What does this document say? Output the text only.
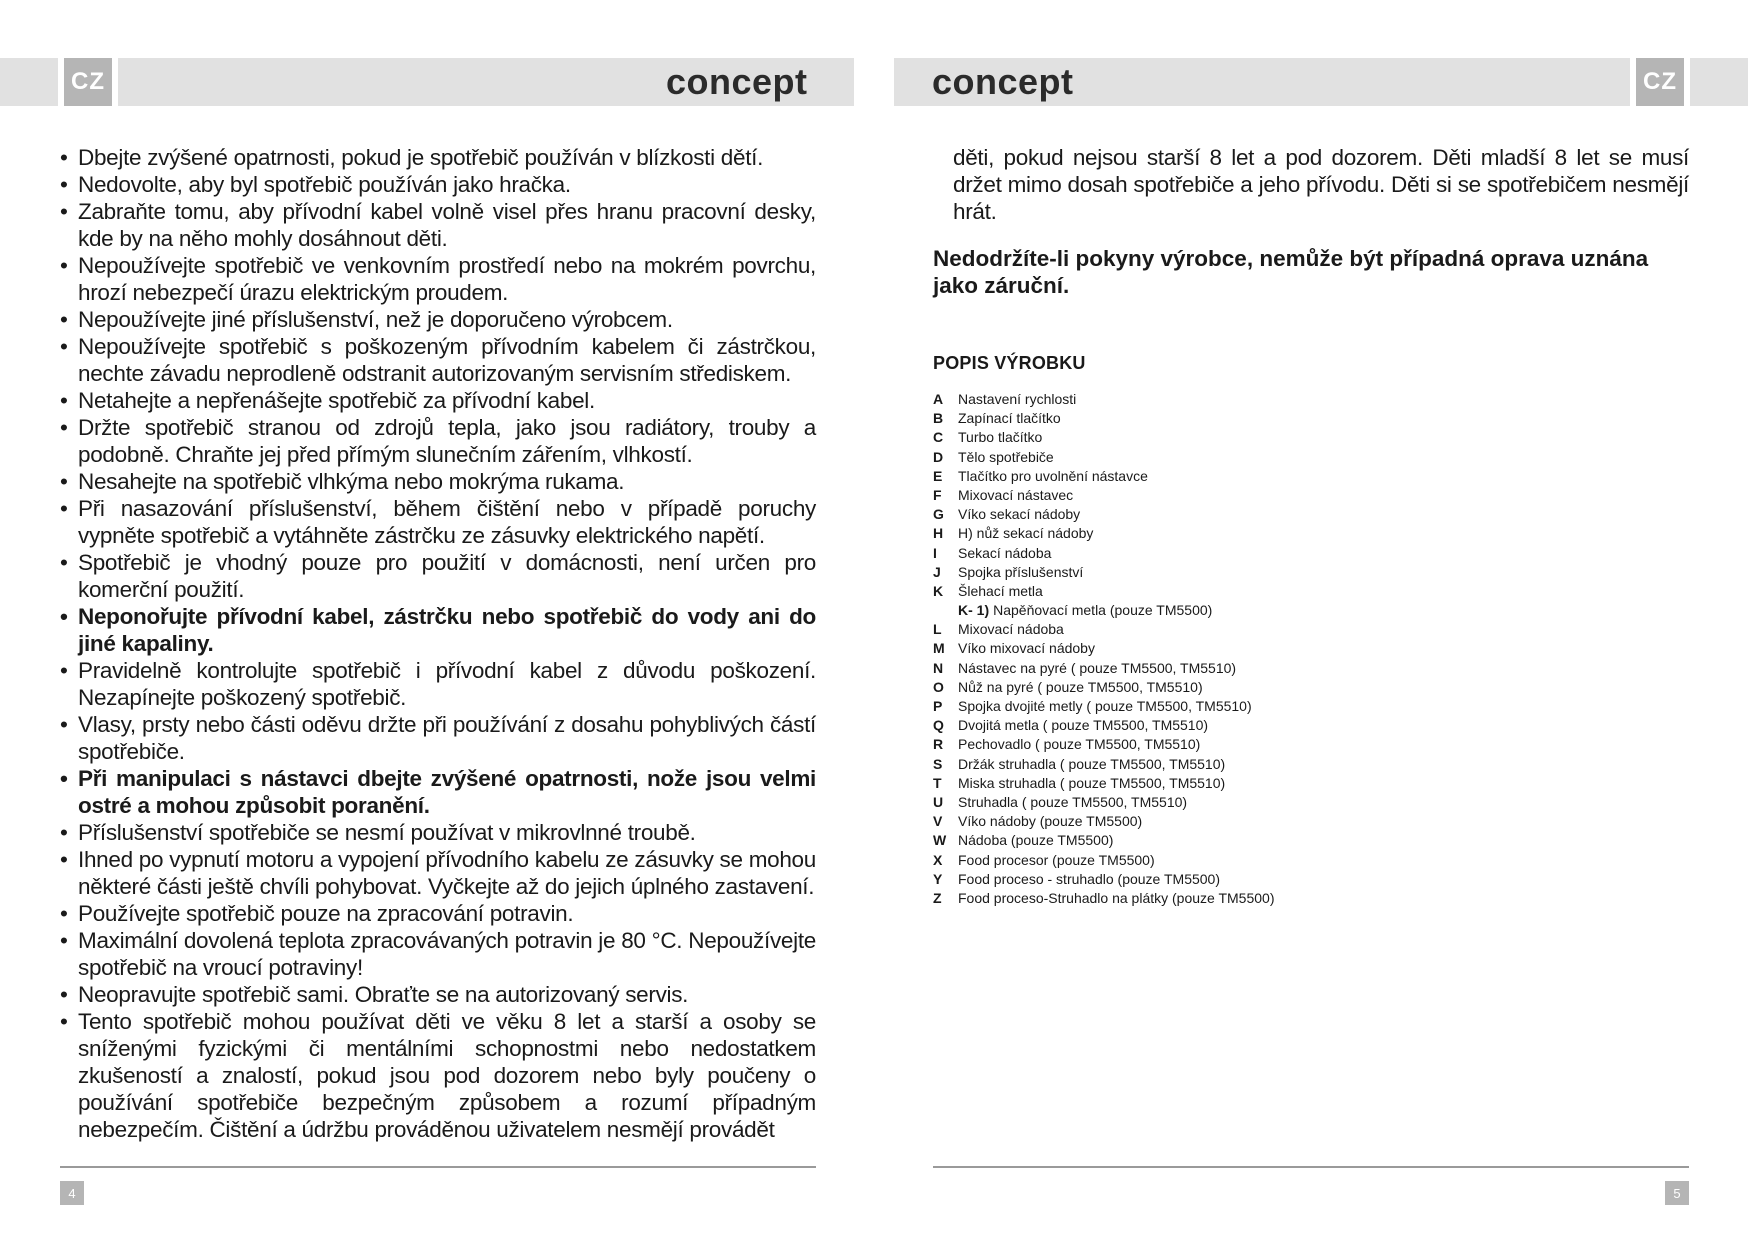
CZ	CZ
concept	concept
• Dbejte zvýšené opatrnosti, pokud je spotřebič používán v blízkosti dětí.
• Nedovolte, aby byl spotřebič používán jako hračka.
• Zabraňte tomu, aby přívodní kabel volně visel přes hranu pracovní desky, kde by na něho mohly dosáhnout děti.
• Nepoužívejte spotřebič ve venkovním prostředí nebo na mokrém povrchu, hrozí nebezpečí úrazu elektrickým proudem.
• Nepoužívejte jiné příslušenství, než je doporučeno výrobcem.
• Nepoužívejte spotřebič s poškozeným přívodním kabelem či zástrčkou, nechte závadu neprodleně odstranit autorizovaným servisním střediskem.
• Netahejte a nepřenášejte spotřebič za přívodní kabel.
• Držte spotřebič stranou od zdrojů tepla, jako jsou radiátory, trouby a podobně. Chraňte jej před přímým slunečním zářením, vlhkostí.
• Nesahejte na spotřebič vlhkýma nebo mokrýma rukama.
• Při nasazování příslušenství, během čištění nebo v případě poruchy vypněte spotřebič a vytáhněte zástrčku ze zásuvky elektrického napětí.
• Spotřebič je vhodný pouze pro použití v domácnosti, není určen pro komerční použití.
• Neponořujte přívodní kabel, zástrčku nebo spotřebič do vody ani do jiné kapaliny.
• Pravidelně kontrolujte spotřebič i přívodní kabel z důvodu poškození. Nezapínejte poškozený spotřebič.
• Vlasy, prsty nebo části oděvu držte při používání z dosahu pohyblivých částí spotřebiče.
• Při manipulaci s nástavci dbejte zvýšené opatrnosti, nože jsou velmi ostré a mohou způsobit poranění.
• Příslušenství spotřebiče se nesmí používat v mikrovlnné troubě.
• Ihned po vypnutí motoru a vypojení přívodního kabelu ze zásuvky se mohou některé části ještě chvíli pohybovat. Vyčkejte až do jejich úplného zastavení.
• Používejte spotřebič pouze na zpracování potravin.
• Maximální dovolená teplota zpracovávaných potravin je 80 °C. Nepoužívejte spotřebič na vroucí potraviny!
• Neopravujte spotřebič sami. Obraťte se na autorizovaný servis.
• Tento spotřebič mohou používat děti ve věku 8 let a starší a osoby se sníženými fyzickými či mentálními schopnostmi nebo nedostatkem zkušeností a znalostí, pokud jsou pod dozorem nebo byly poučeny o používání spotřebiče bezpečným způsobem a rozumí případným nebezpečím. Čištění a údržbu prováděnou uživatelem nesmějí provádět

děti, pokud nejsou starší 8 let a pod dozorem. Děti mladší 8 let se musí držet mimo dosah spotřebiče a jeho přívodu. Děti si se spotřebičem nesmějí hrát.

Nedodržíte-li pokyny výrobce, nemůže být případná oprava uznána jako záruční.

POPIS VÝROBKU
A	Nastavení rychlosti
B	Zapínací tlačítko
C	Turbo tlačítko
D	Tělo spotřebiče
E	Tlačítko pro uvolnění nástavce
F	Mixovací nástavec
G	Víko sekací nádoby
H	H) nůž sekací nádoby
I	Sekací nádoba
J	Spojka příslušenství
K	Šlehací metla
K- 1) Napěňovací metla (pouze TM5500)
L	Mixovací nádoba
M Víko mixovací nádoby
N	Nástavec na pyré ( pouze TM5500, TM5510)
O	Nůž na pyré ( pouze TM5500, TM5510)
P	Spojka dvojité metly ( pouze TM5500, TM5510)
Q	Dvojitá metla ( pouze TM5500, TM5510)
R	Pechovadlo ( pouze TM5500, TM5510)
S	Držák struhadla ( pouze TM5500, TM5510)
T	Miska struhadla ( pouze TM5500, TM5510)
U	Struhadla ( pouze TM5500, TM5510)
V	Víko nádoby (pouze TM5500)
W Nádoba (pouze TM5500)
X	Food procesor (pouze TM5500)
Y	Food proceso - struhadlo (pouze TM5500)
Z	Food proceso-Struhadlo na plátky (pouze TM5500)
4	5
